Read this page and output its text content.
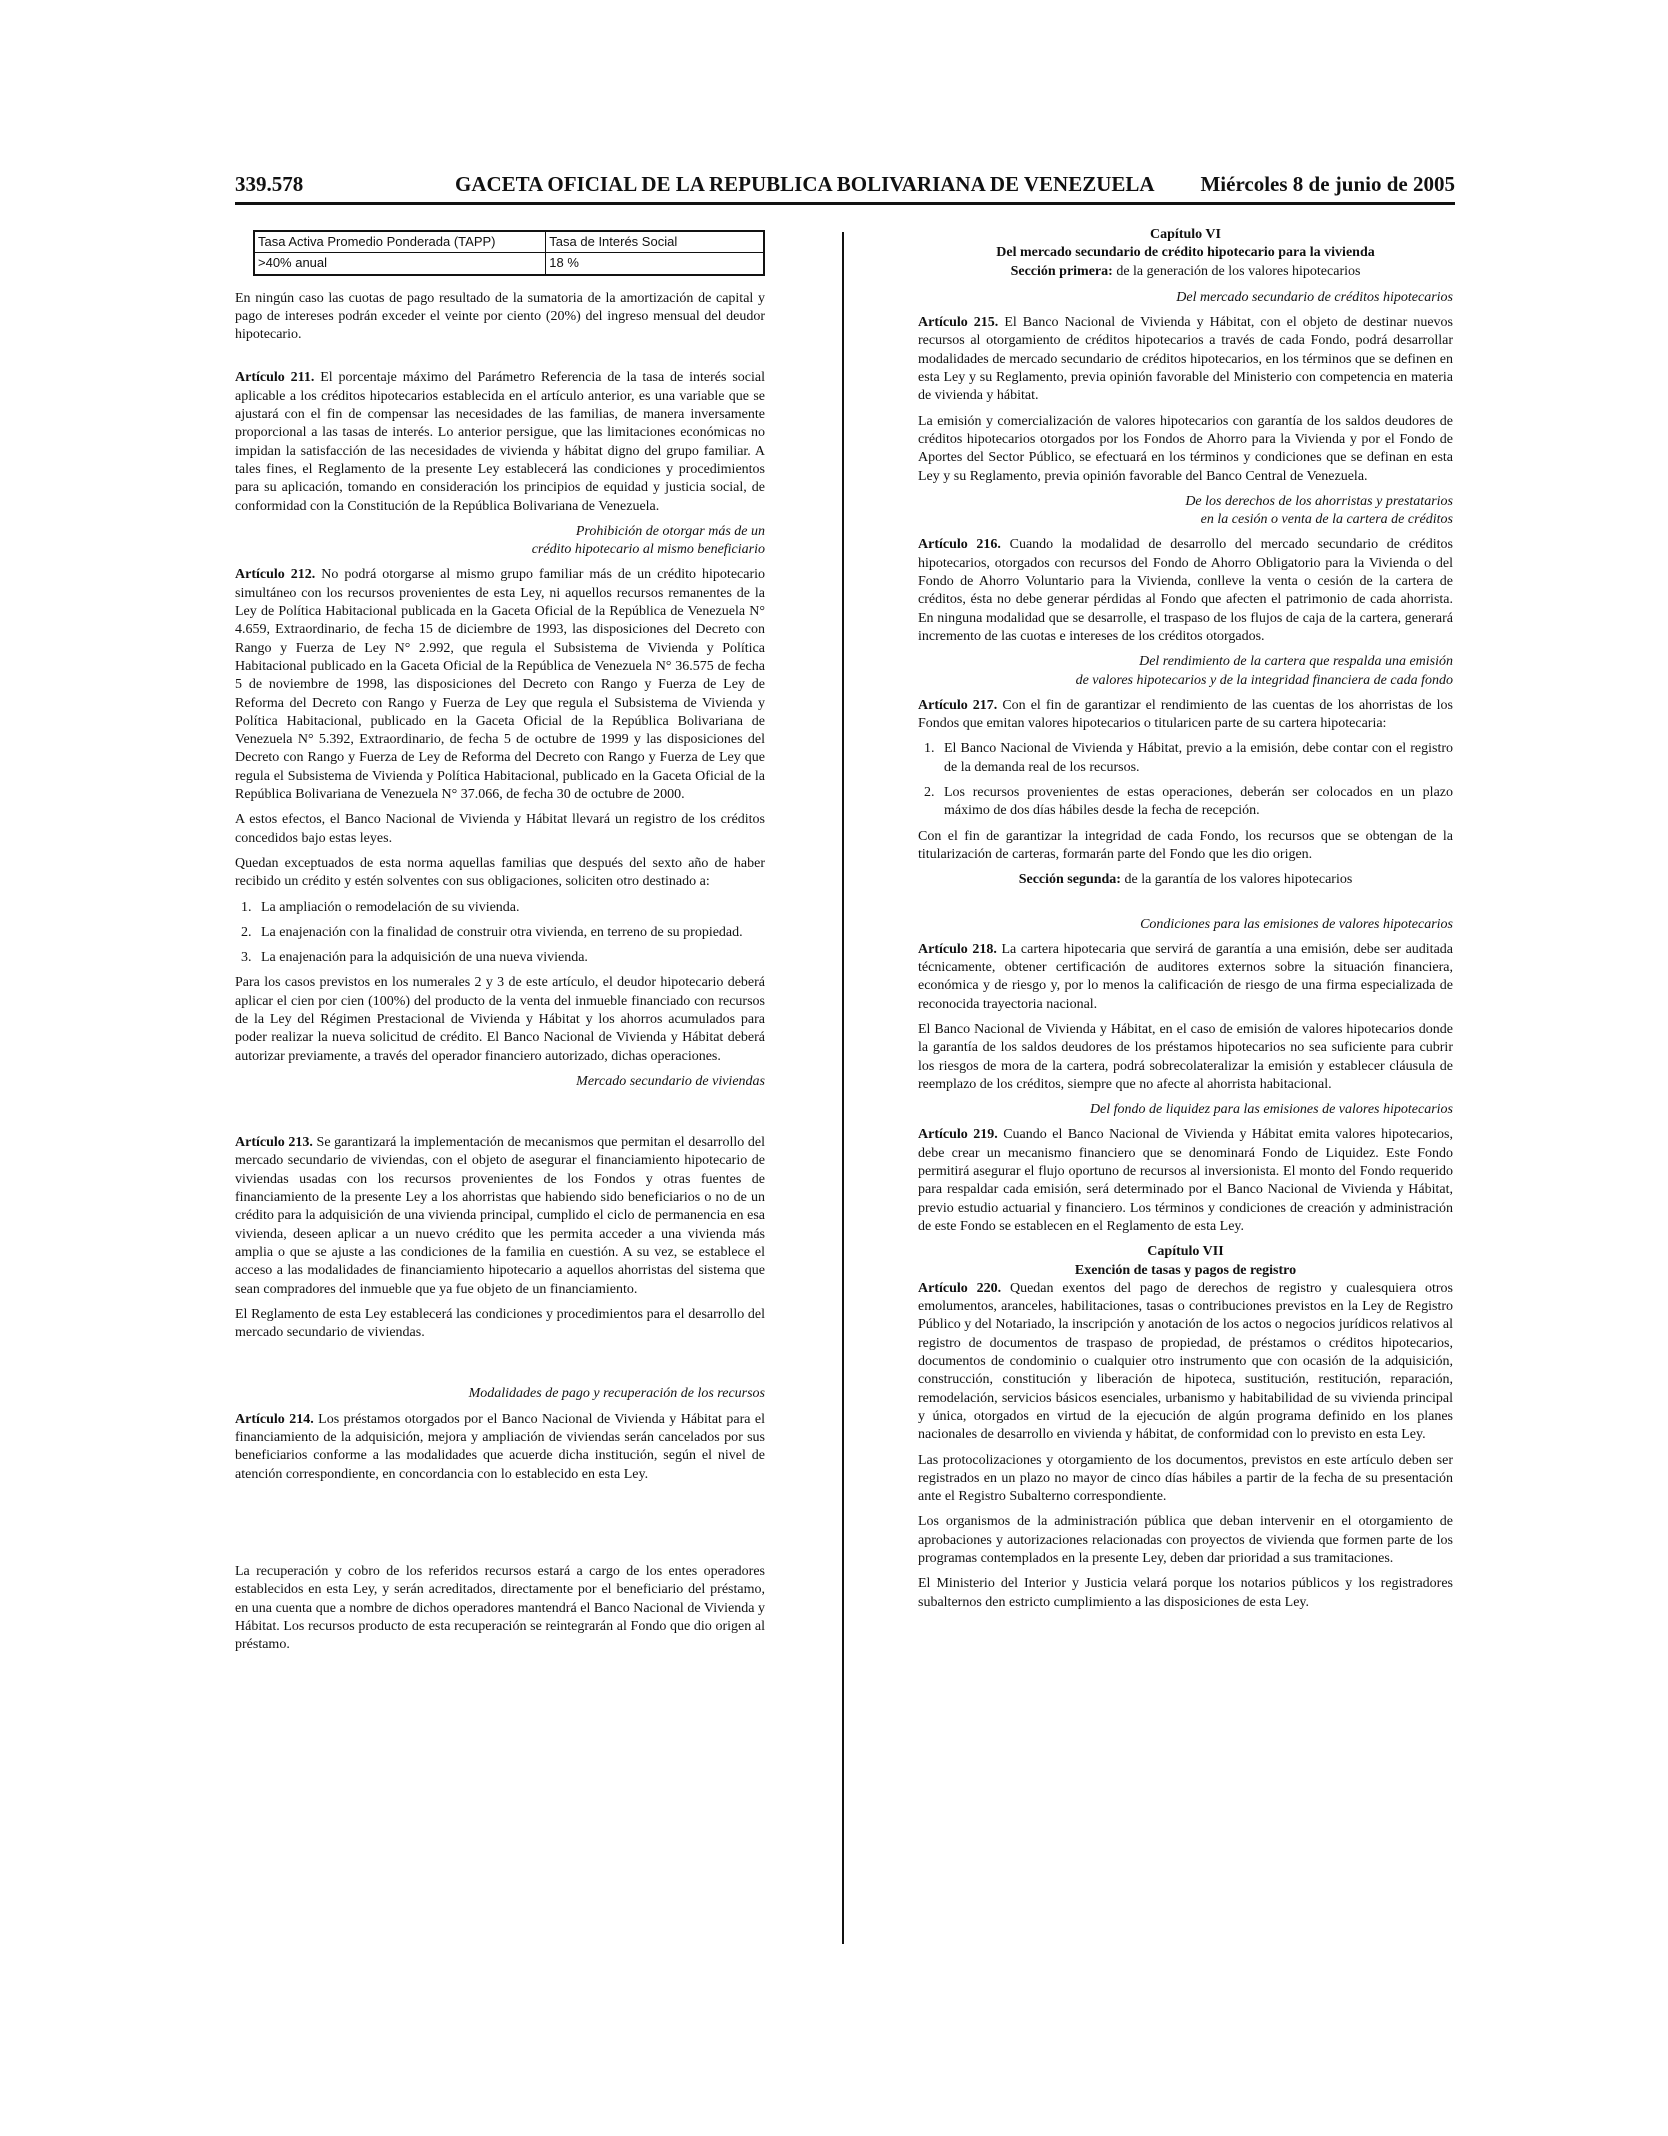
339.578	GACETA OFICIAL DE LA REPUBLICA BOLIVARIANA DE VENEZUELA Miércoles 8 de junio de 2005
Tasa Activa Promedio Ponderada (TAPP)	Tasa de Interés Social
>40% anual	18 %

En ningún caso las cuotas de pago resultado de la sumatoria de la amortización de capital y pago de intereses podrán exceder el veinte por ciento (20%) del ingreso mensual del deudor hipotecario.

Artículo 211. El porcentaje máximo del Parámetro Referencia de la tasa de interés social aplicable a los créditos hipotecarios establecida en el artículo anterior, es una variable que se ajustará con el fin de compensar las necesidades de las familias, de manera inversamente proporcional a las tasas de interés. Lo anterior persigue, que las limitaciones económicas no impidan la satisfacción de las necesidades de vivienda y hábitat digno del grupo familiar. A tales fines, el Reglamento de la presente Ley establecerá las condiciones y procedimientos para su aplicación, tomando en consideración los principios de equidad y justicia social, de conformidad con la Constitución de la República Bolivariana de Venezuela.

Prohibición de otorgar más de un
crédito hipotecario al mismo beneficiario

Artículo 212. No podrá otorgarse al mismo grupo familiar más de un crédito hipotecario simultáneo con los recursos provenientes de esta Ley, ni aquellos recursos remanentes de la Ley de Política Habitacional publicada en la Gaceta Oficial de la República de Venezuela N° 4.659, Extraordinario, de fecha 15 de diciembre de 1993, las disposiciones del Decreto con Rango y Fuerza de Ley N° 2.992, que regula el Subsistema de Vivienda y Política Habitacional publicado en la Gaceta Oficial de la República de Venezuela N° 36.575 de fecha 5 de noviembre de 1998, las disposiciones del Decreto con Rango y Fuerza de Ley de Reforma del Decreto con Rango y Fuerza de Ley que regula el Subsistema de Vivienda y Política Habitacional, publicado en la Gaceta Oficial de la República Bolivariana de Venezuela N° 5.392, Extraordinario, de fecha 5 de octubre de 1999 y las disposiciones del Decreto con Rango y Fuerza de Ley de Reforma del Decreto con Rango y Fuerza de Ley que regula el Subsistema de Vivienda y Política Habitacional, publicado en la Gaceta Oficial de la República Bolivariana de Venezuela N° 37.066, de fecha 30 de octubre de 2000.

A estos efectos, el Banco Nacional de Vivienda y Hábitat llevará un registro de los créditos concedidos bajo estas leyes.

Quedan exceptuados de esta norma aquellas familias que después del sexto año de haber recibido un crédito y estén solventes con sus obligaciones, soliciten otro destinado a:

1. La ampliación o remodelación de su vivienda.
2. La enajenación con la finalidad de construir otra vivienda, en terreno de su propiedad.
3. La enajenación para la adquisición de una nueva vivienda.

Para los casos previstos en los numerales 2 y 3 de este artículo, el deudor hipotecario deberá aplicar el cien por cien (100%) del producto de la venta del inmueble financiado con recursos de la Ley del Régimen Prestacional de Vivienda y Hábitat y los ahorros acumulados para poder realizar la nueva solicitud de crédito. El Banco Nacional de Vivienda y Hábitat deberá autorizar previamente, a través del operador financiero autorizado, dichas operaciones.

Mercado secundario de viviendas

Artículo 213. Se garantizará la implementación de mecanismos que permitan el desarrollo del mercado secundario de viviendas, con el objeto de asegurar el financiamiento hipotecario de viviendas usadas con los recursos provenientes de los Fondos y otras fuentes de financiamiento de la presente Ley a los ahorristas que habiendo sido beneficiarios o no de un crédito para la adquisición de una vivienda principal, cumplido el ciclo de permanencia en esa vivienda, deseen aplicar a un nuevo crédito que les permita acceder a una vivienda más amplia o que se ajuste a las condiciones de la familia en cuestión. A su vez, se establece el acceso a las modalidades de financiamiento hipotecario a aquellos ahorristas del sistema que sean compradores del inmueble que ya fue objeto de un financiamiento.

El Reglamento de esta Ley establecerá las condiciones y procedimientos para el desarrollo del mercado secundario de viviendas.

Modalidades de pago y recuperación de los recursos

Artículo 214. Los préstamos otorgados por el Banco Nacional de Vivienda y Hábitat para el financiamiento de la adquisición, mejora y ampliación de viviendas serán cancelados por sus beneficiarios conforme a las modalidades que acuerde dicha institución, según el nivel de atención correspondiente, en concordancia con lo establecido en esta Ley.

La recuperación y cobro de los referidos recursos estará a cargo de los entes operadores establecidos en esta Ley, y serán acreditados, directamente por el beneficiario del préstamo, en una cuenta que a nombre de dichos operadores mantendrá el Banco Nacional de Vivienda y Hábitat. Los recursos producto de esta recuperación se reintegrarán al Fondo que dio origen al préstamo.

Capítulo VI
Del mercado secundario de crédito hipotecario para la vivienda
Sección primera: de la generación de los valores hipotecarios
Del mercado secundario de créditos hipotecarios

Artículo 215. El Banco Nacional de Vivienda y Hábitat, con el objeto de destinar nuevos recursos al otorgamiento de créditos hipotecarios a través de cada Fondo, podrá desarrollar modalidades de mercado secundario de créditos hipotecarios, en los términos que se definen en esta Ley y su Reglamento, previa opinión favorable del Ministerio con competencia en materia de vivienda y hábitat.

La emisión y comercialización de valores hipotecarios con garantía de los saldos deudores de créditos hipotecarios otorgados por los Fondos de Ahorro para la Vivienda y por el Fondo de Aportes del Sector Público, se efectuará en los términos y condiciones que se definan en esta Ley y su Reglamento, previa opinión favorable del Banco Central de Venezuela.

De los derechos de los ahorristas y prestatarios
en la cesión o venta de la cartera de créditos

Artículo 216. Cuando la modalidad de desarrollo del mercado secundario de créditos hipotecarios, otorgados con recursos del Fondo de Ahorro Obligatorio para la Vivienda o del Fondo de Ahorro Voluntario para la Vivienda, conlleve la venta o cesión de la cartera de créditos, ésta no debe generar pérdidas al Fondo que afecten el patrimonio de cada ahorrista. En ninguna modalidad que se desarrolle, el traspaso de los flujos de caja de la cartera, generará incremento de las cuotas e intereses de los créditos otorgados.

Del rendimiento de la cartera que respalda una emisión
de valores hipotecarios y de la integridad financiera de cada fondo

Artículo 217. Con el fin de garantizar el rendimiento de las cuentas de los ahorristas de los Fondos que emitan valores hipotecarios o titularicen parte de su cartera hipotecaria:

1. El Banco Nacional de Vivienda y Hábitat, previo a la emisión, debe contar con el registro de la demanda real de los recursos.
2. Los recursos provenientes de estas operaciones, deberán ser colocados en un plazo máximo de dos días hábiles desde la fecha de recepción.

Con el fin de garantizar la integridad de cada Fondo, los recursos que se obtengan de la titularización de carteras, formarán parte del Fondo que les dio origen.

Sección segunda: de la garantía de los valores hipotecarios
Condiciones para las emisiones de valores hipotecarios

Artículo 218. La cartera hipotecaria que servirá de garantía a una emisión, debe ser auditada técnicamente, obtener certificación de auditores externos sobre la situación financiera, económica y de riesgo y, por lo menos la calificación de riesgo de una firma especializada de reconocida trayectoria nacional.

El Banco Nacional de Vivienda y Hábitat, en el caso de emisión de valores hipotecarios donde la garantía de los saldos deudores de los préstamos hipotecarios no sea suficiente para cubrir los riesgos de mora de la cartera, podrá sobrecolateralizar la emisión y establecer cláusula de reemplazo de los créditos, siempre que no afecte al ahorrista habitacional.

Del fondo de liquidez para las emisiones de valores hipotecarios

Artículo 219. Cuando el Banco Nacional de Vivienda y Hábitat emita valores hipotecarios, debe crear un mecanismo financiero que se denominará Fondo de Liquidez. Este Fondo permitirá asegurar el flujo oportuno de recursos al inversionista. El monto del Fondo requerido para respaldar cada emisión, será determinado por el Banco Nacional de Vivienda y Hábitat, previo estudio actuarial y financiero. Los términos y condiciones de creación y administración de este Fondo se establecen en el Reglamento de esta Ley.

Capítulo VII
Exención de tasas y pagos de registro

Artículo 220. Quedan exentos del pago de derechos de registro y cualesquiera otros emolumentos, aranceles, habilitaciones, tasas o contribuciones previstos en la Ley de Registro Público y del Notariado, la inscripción y anotación de los actos o negocios jurídicos relativos al registro de documentos de traspaso de propiedad, de préstamos o créditos hipotecarios, documentos de condominio o cualquier otro instrumento que con ocasión de la adquisición, construcción, constitución y liberación de hipoteca, sustitución, restitución, reparación, remodelación, servicios básicos esenciales, urbanismo y habitabilidad de su vivienda principal y única, otorgados en virtud de la ejecución de algún programa definido en los planes nacionales de desarrollo en vivienda y hábitat, de conformidad con lo previsto en esta Ley.

Las protocolizaciones y otorgamiento de los documentos, previstos en este artículo deben ser registrados en un plazo no mayor de cinco días hábiles a partir de la fecha de su presentación ante el Registro Subalterno correspondiente.

Los organismos de la administración pública que deban intervenir en el otorgamiento de aprobaciones y autorizaciones relacionadas con proyectos de vivienda que formen parte de los programas contemplados en la presente Ley, deben dar prioridad a sus tramitaciones.

El Ministerio del Interior y Justicia velará porque los notarios públicos y los registradores subalternos den estricto cumplimiento a las disposiciones de esta Ley.
